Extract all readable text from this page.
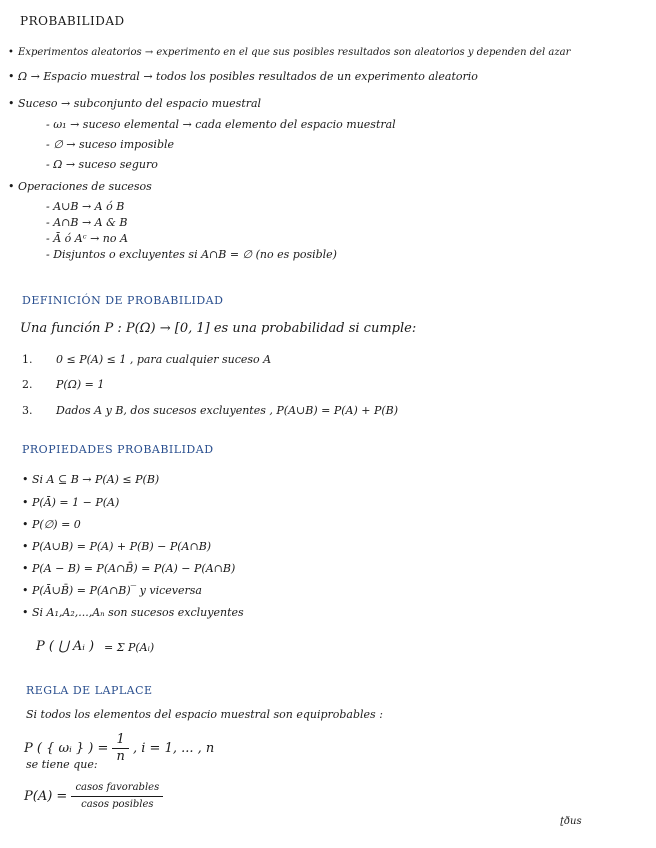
PROBABILIDAD
• Experimentos aleatorios → experimento en el que sus posibles resultados son aleatorios y dependen del azar
• Ω → Espacio muestral → todos los posibles resultados de un experimento aleatorio
• Suceso → subconjunto del espacio muestral
- ω₁ → suceso elemental → cada elemento del espacio muestral
- ∅ → suceso imposible
- Ω → suceso seguro
• Operaciones de sucesos
- A∪B → A ó B
- A∩B → A & B
- Ā ó Aᶜ → no A
- Disjuntos o excluyentes si A∩B = ∅ (no es posible)
DEFINICIÓN DE PROBABILIDAD
Una función P : P(Ω) → [0, 1] es una probabilidad si cumple:
1. 0 ≤ P(A) ≤ 1 , para cualquier suceso A
2. P(Ω) = 1
3. Dados A y B, dos sucesos excluyentes , P(A∪B) = P(A) + P(B)
PROPIEDADES PROBABILIDAD
• Si A ⊆ B → P(A) ≤ P(B)
• P(Ā) = 1 − P(A)
• P(∅) = 0
• P(A∪B) = P(A) + P(B) − P(A∩B)
• P(A − B) = P(A∩B̄) = P(A) − P(A∩B)
• P(Ā∪B̄) = P(A∩B)‾ y viceversa
• Si A₁,A₂,...,Aₙ son sucesos excluyentes
P ( ⋃ Aᵢ ) = Σ P(Aᵢ)
REGLA DE LAPLACE
Si todos los elementos del espacio muestral son equiprobables :
P ( { ωᵢ } ) = $\frac{1}{n}$ , i = 1, ... , n
se tiene que:
$P(A) = \frac{\text{casos favorables}}{\text{casos posibles}}$
ʈðus
